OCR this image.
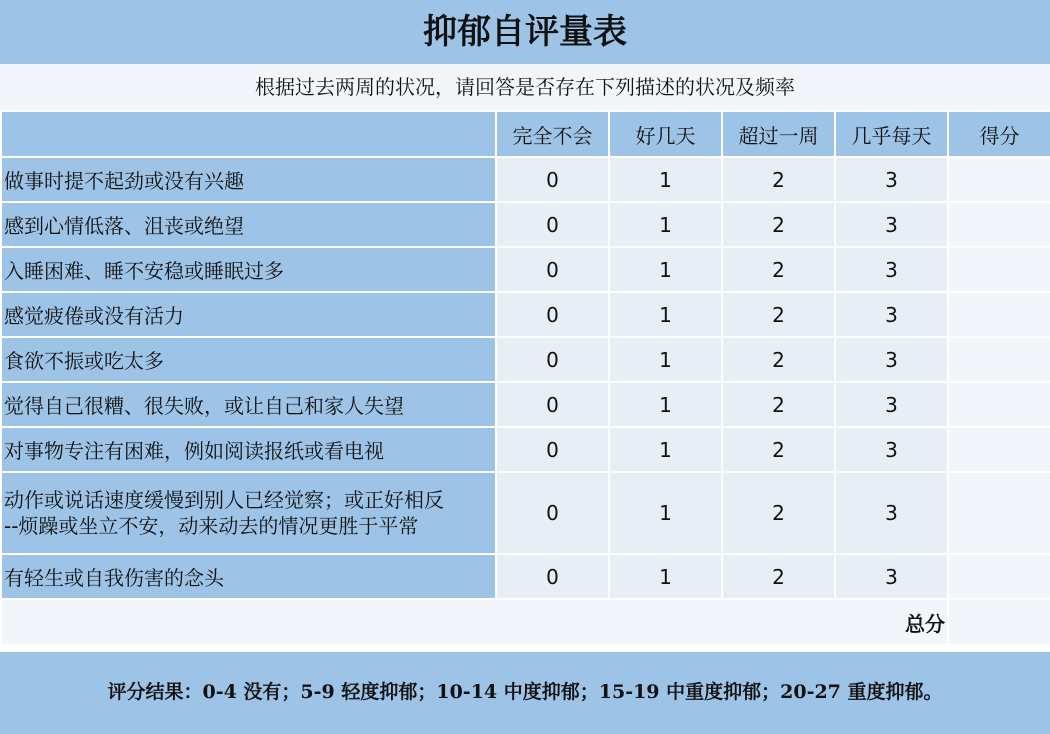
抑郁自评量表
根据过去两周的状况，请回答是否存在下列描述的状况及频率
	完全不会	好几天	超过一周	几乎每天	得分
做事时提不起劲或没有兴趣	0	1	2	3	
感到心情低落、沮丧或绝望	0	1	2	3	
入睡困难、睡不安稳或睡眠过多	0	1	2	3	
感觉疲倦或没有活力	0	1	2	3	
食欲不振或吃太多	0	1	2	3	
觉得自己很糟、很失败，或让自己和家人失望	0	1	2	3	
对事物专注有困难，例如阅读报纸或看电视	0	1	2	3	

动作或说话速度缓慢到别人已经觉察；或正好相反
--烦躁或坐立不安，动来动去的情况更胜于平常	0	1	2	3	
有轻生或自我伤害的念头	0	1	2	3	
总分					
评分结果：0-4 没有；5-9 轻度抑郁；10-14 中度抑郁；15-19 中重度抑郁；20-27 重度抑郁。
